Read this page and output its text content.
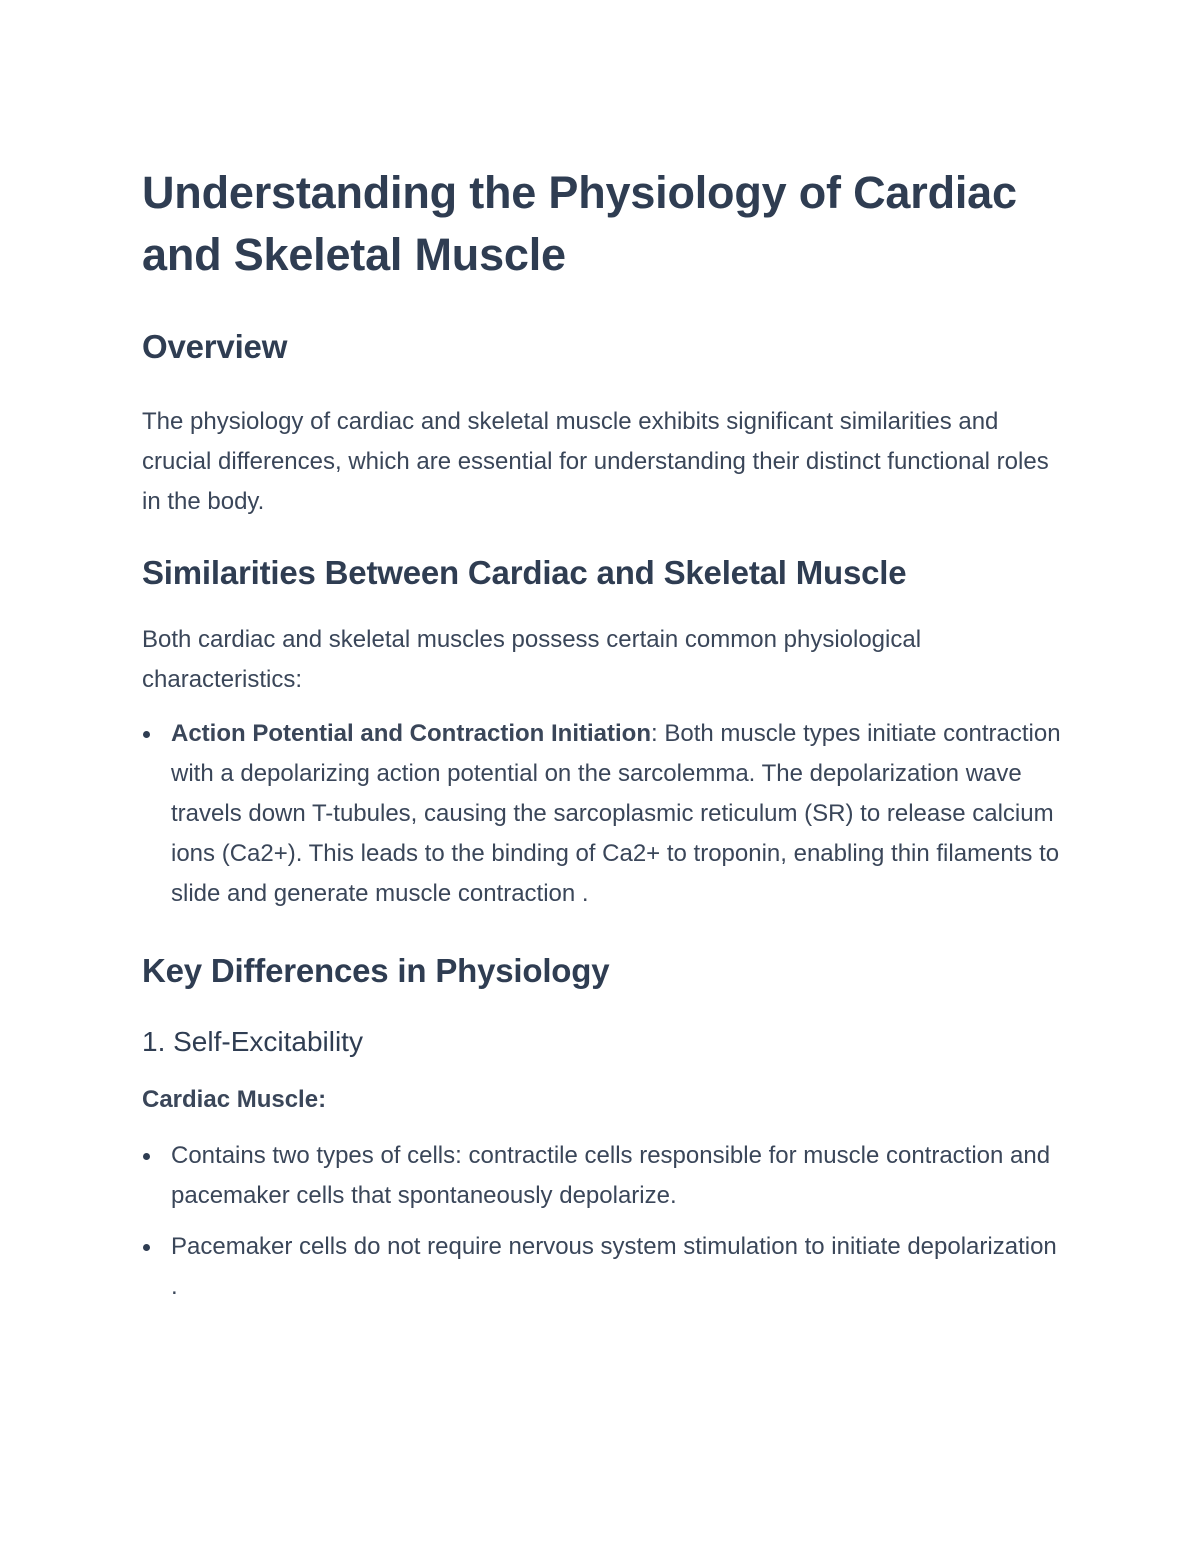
Understanding the Physiology of Cardiac and Skeletal Muscle
Overview

The physiology of cardiac and skeletal muscle exhibits significant similarities and crucial differences, which are essential for understanding their distinct functional roles in the body.

Similarities Between Cardiac and Skeletal Muscle

Both cardiac and skeletal muscles possess certain common physiological characteristics:

Action Potential and Contraction Initiation: Both muscle types initiate contraction with a depolarizing action potential on the sarcolemma. The depolarization wave travels down T-tubules, causing the sarcoplasmic reticulum (SR) to release calcium ions (Ca2+). This leads to the binding of Ca2+ to troponin, enabling thin filaments to slide and generate muscle contraction .
Key Differences in Physiology
1. Self-Excitability

Cardiac Muscle:

Contains two types of cells: contractile cells responsible for muscle contraction and pacemaker cells that spontaneously depolarize.
Pacemaker cells do not require nervous system stimulation to initiate depolarization .
